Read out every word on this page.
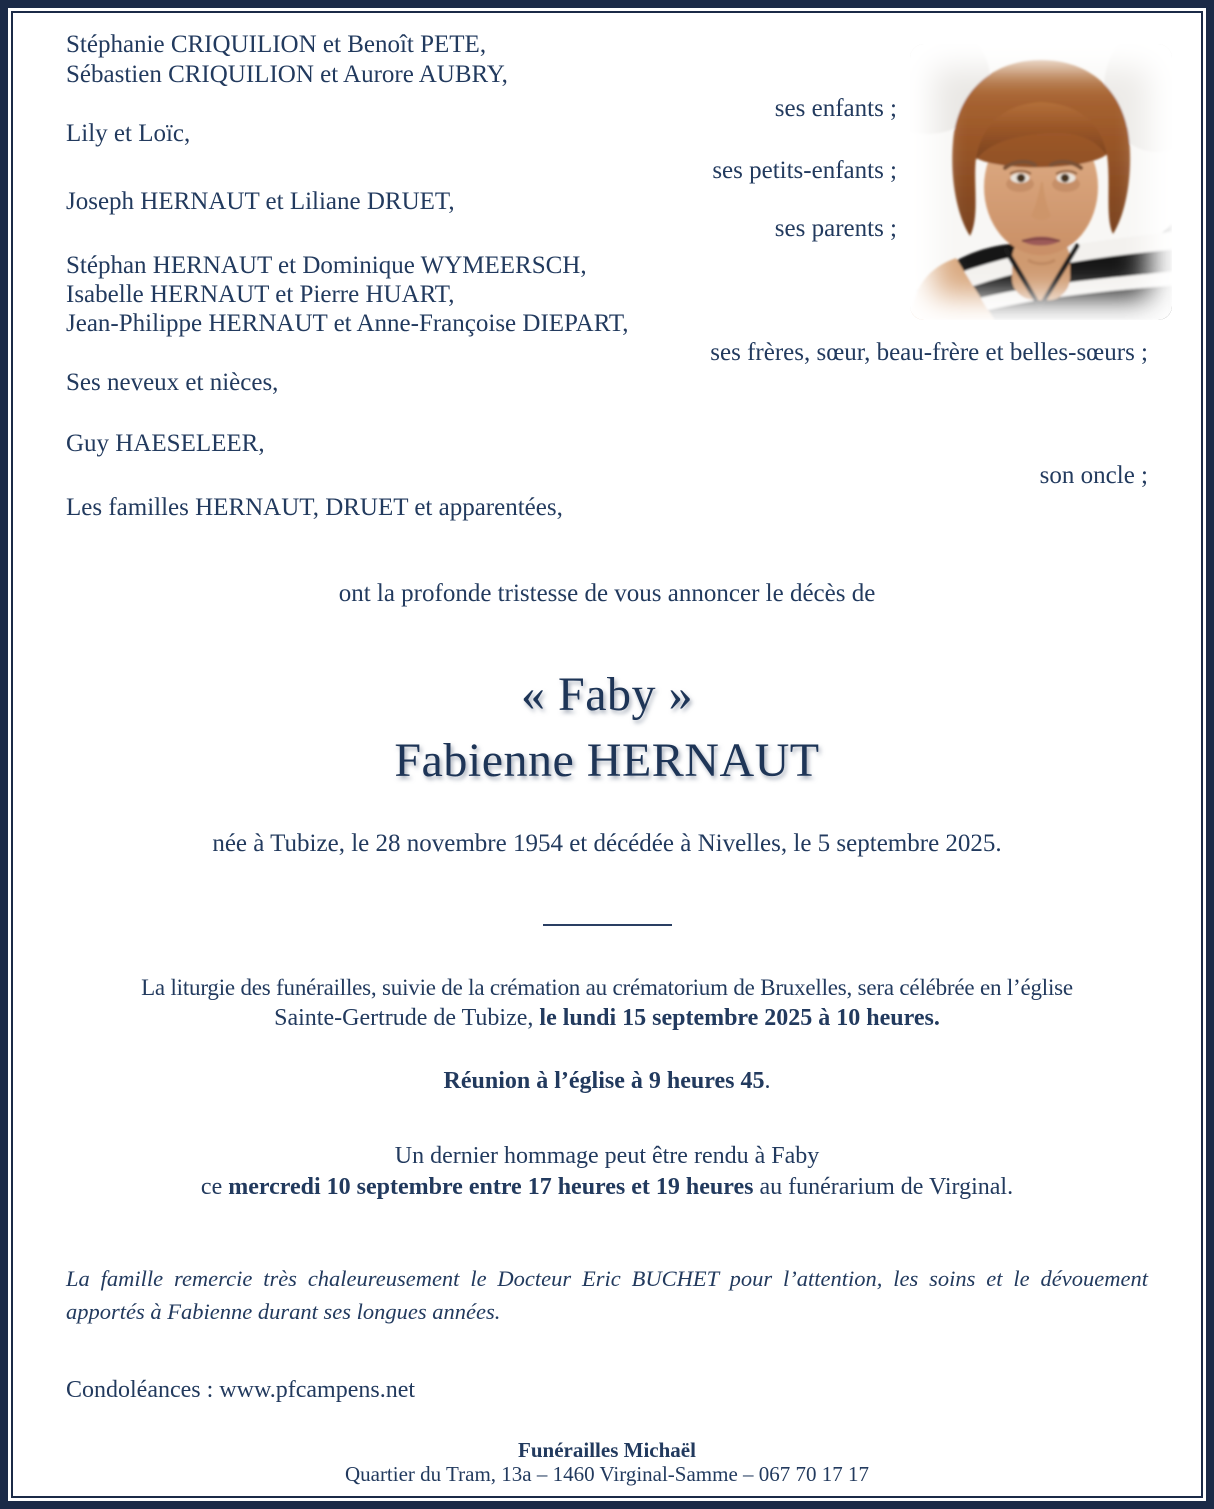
Stéphanie CRIQUILION et Benoît PETE,
Sébastien CRIQUILION et Aurore AUBRY,
ses enfants ;
Lily et Loïc,
ses petits-enfants ;
Joseph HERNAUT et Liliane DRUET,
ses parents ;
Stéphan HERNAUT et Dominique WYMEERSCH,
Isabelle HERNAUT et Pierre HUART,
Jean-Philippe HERNAUT et Anne-Françoise DIEPART,
ses frères, sœur, beau-frère et belles-sœurs ;
Ses neveux et nièces,
Guy HAESELEER,
son oncle ;
Les familles HERNAUT, DRUET et apparentées,
ont la profonde tristesse de vous annoncer le décès de
« Faby »
Fabienne HERNAUT
née à Tubize, le 28 novembre 1954 et décédée à Nivelles, le 5 septembre 2025.
La liturgie des funérailles, suivie de la crémation au crématorium de Bruxelles, sera célébrée en l’église
Sainte-Gertrude de Tubize, le lundi 15 septembre 2025 à 10 heures.
Réunion à l’église à 9 heures 45.
Un dernier hommage peut être rendu à Faby
ce mercredi 10 septembre entre 17 heures et 19 heures au funérarium de Virginal.
La famille remercie très chaleureusement le Docteur Eric BUCHET pour l’attention, les soins et le dévouement apportés à Fabienne durant ses longues années.
Condoléances : www.pfcampens.net
Funérailles Michaël
Quartier du Tram, 13a – 1460 Virginal-Samme – 067 70 17 17
